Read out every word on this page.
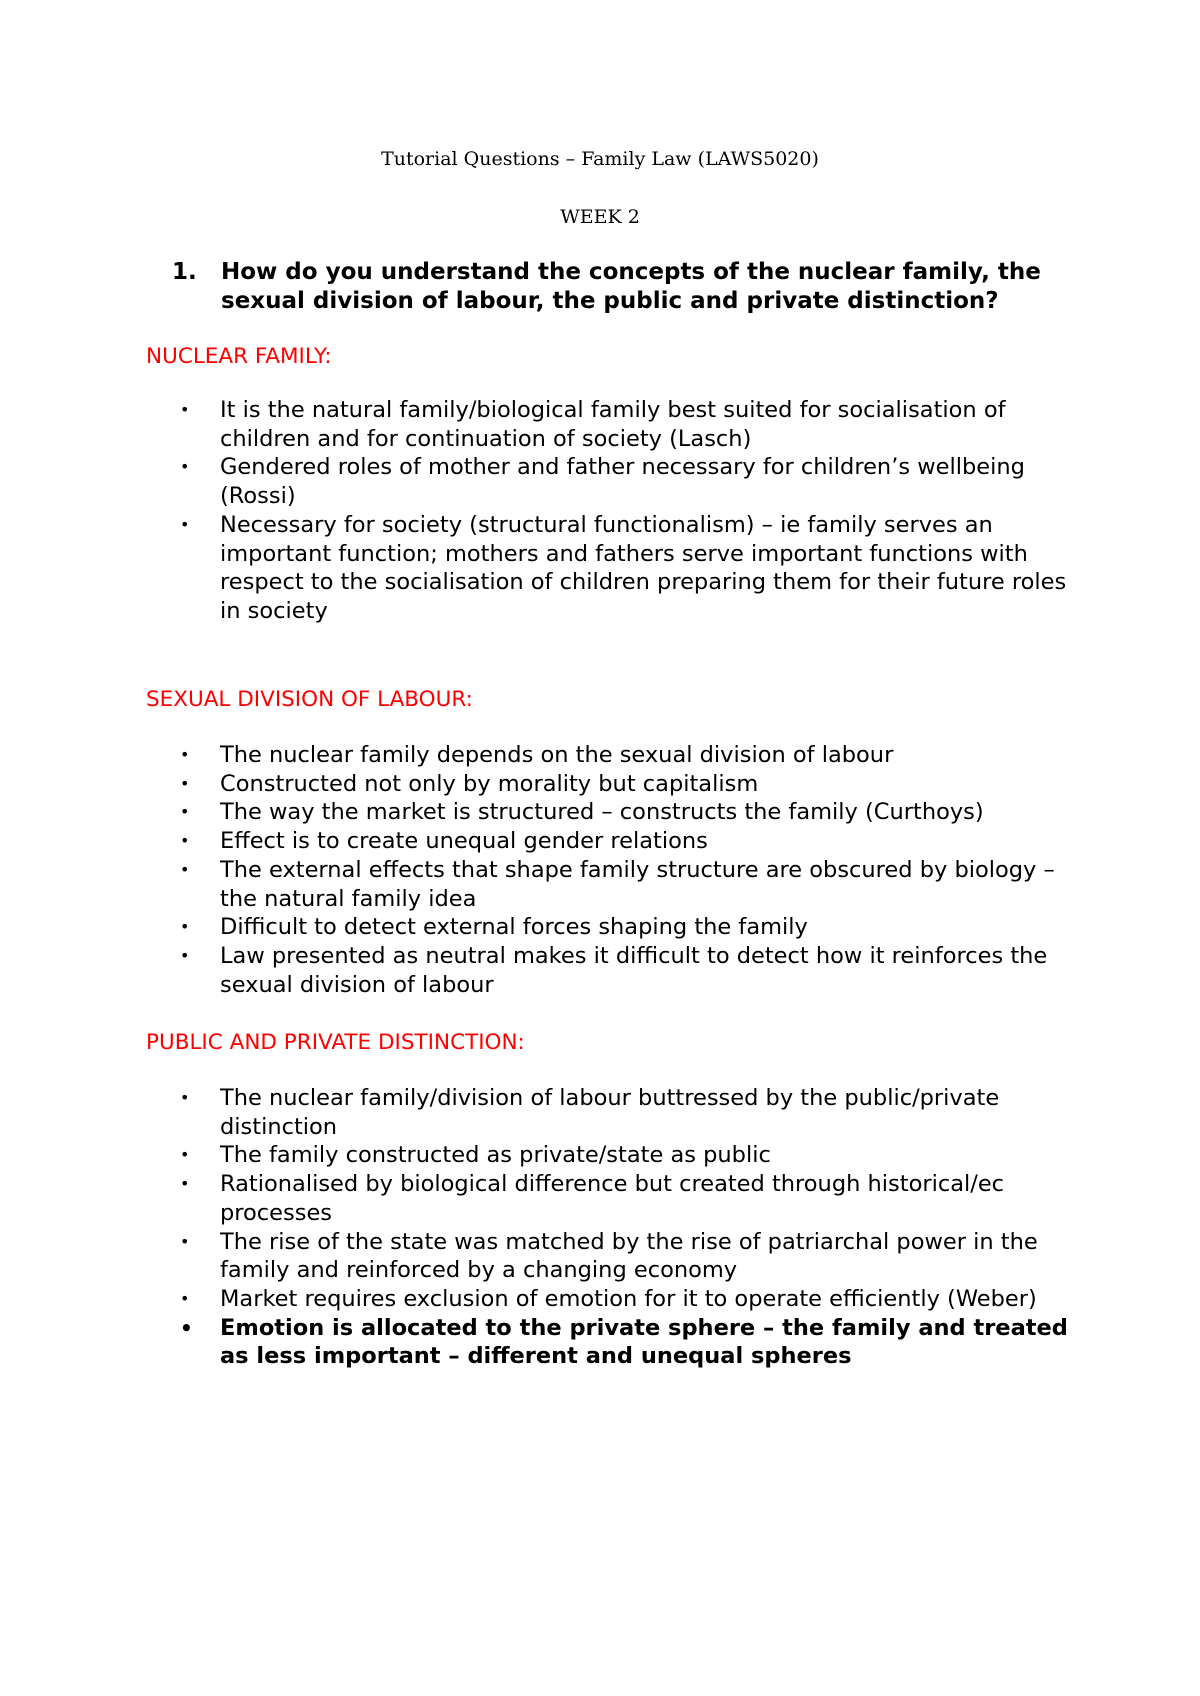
Tutorial Questions – Family Law (LAWS5020)

WEEK 2

1. How do you understand the concepts of the nuclear family, the sexual division of labour, the public and private distinction?

NUCLEAR FAMILY:

• It is the natural family/biological family best suited for socialisation of children and for continuation of society (Lasch)
• Gendered roles of mother and father necessary for children’s wellbeing (Rossi)
• Necessary for society (structural functionalism) – ie family serves an important function; mothers and fathers serve important functions with respect to the socialisation of children preparing them for their future roles in society

SEXUAL DIVISION OF LABOUR:

• The nuclear family depends on the sexual division of labour
• Constructed not only by morality but capitalism
• The way the market is structured – constructs the family (Curthoys)
• Effect is to create unequal gender relations
• The external effects that shape family structure are obscured by biology – the natural family idea
• Difficult to detect external forces shaping the family
• Law presented as neutral makes it difficult to detect how it reinforces the sexual division of labour

PUBLIC AND PRIVATE DISTINCTION:

• The nuclear family/division of labour buttressed by the public/private distinction
• The family constructed as private/state as public
• Rationalised by biological difference but created through historical/ec processes
• The rise of the state was matched by the rise of patriarchal power in the family and reinforced by a changing economy
• Market requires exclusion of emotion for it to operate efficiently (Weber)
• Emotion is allocated to the private sphere – the family and treated as less important – different and unequal spheres
